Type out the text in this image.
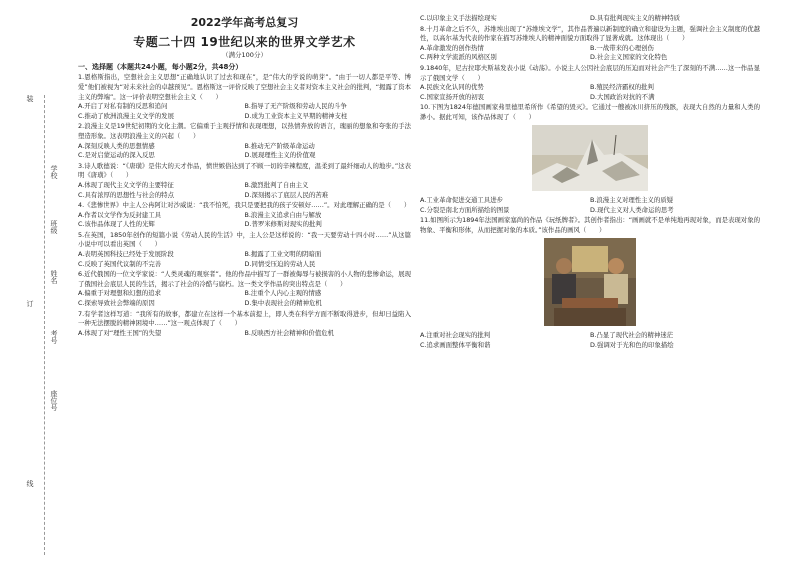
装
订
线
学校
班级
姓名
考号
座位号
2022学年高考总复习
专题二十四 19世纪以来的世界文学艺术
（满分100分）
一、选择题（本题共24小题，每小题2分，共48分）
1.恩格斯指出，空想社会主义思想“正确地认识了过去和现在”，是“伟大的学说的萌芽”。“由于一切人都是平等、博爱”他们被视为“对未来社会的卓越预见”。恩格斯这一评价反映了空想社会主义者对资本主义社会的批判，“揭露了资本主义的弊端”。这一评价表明空想社会主义（　　）
A.开启了对私有制的反思和追问	B.指导了无产阶级和劳动人民的斗争
C.推动了欧洲浪漫主义文学的发展	D.成为工业资本主义早期的精神支柱
2.浪漫主义是19世纪初期的文化主潮。它偏重于主观抒情和表现理想，以热情奔放的语言，瑰丽的想象和夸张的手法塑造形象。这表明浪漫主义的兴起（　　）
A.深刻反映人类的思想情感	B.推动无产阶级革命运动
C.是对启蒙运动的深入反思	D.展现理性主义的价值观
3.诗人歌德说：“《唐璜》是伟大的天才作品，愤世嫉俗达到了不顾一切的辛辣程度，温柔到了最纤细动人的地步。”这表明《唐璜》（　　）
A.体现了现代主义文学的主要特征	B.激烈批判了自由主义
C.具有浓厚的思想性与社会的特点	D.深刻揭示了底层人民的苦难
4.《悲惨世界》中主人公冉阿让对沙威说：“我不怕死，我只是要把我的孩子安顿好……”。对此理解正确的是（　　）
A.作者以文学作为反封建工具	B.浪漫主义追求自由与解放
C.该作品体现了人性的光辉	D.普罗米修斯对现实的批判
5.在英国，1850年创作的短篇小说《劳动人民的生活》中，主人公是这样说的：“我一天要劳动十四小时……”从这篇小说中可以看出英国（　　）
A.表明英国科技已经处于发展阶段	B.揭露了工业文明的阴暗面
C.反映了英国代议制的不完善	D.同情受压迫的劳动人民
6.近代俄国的一位文学家说：“人类灵魂的观察者”。他的作品中描写了一群被侮辱与被损害的小人物的悲惨命运，展现了俄国社会底层人民的生活，揭示了社会的冷酷与腐朽。这一类文学作品的突出特点是（　　）
A.偏重于对理想和幻想的追求	B.注重个人内心主观的情感
C.探索导致社会弊端的原因	D.集中表现社会的精神危机
7.有学者这样写道：“我所有的故事，都建立在这样一个基本前提上，即人类在科学方面不断取得进步，但却日益陷入一种无法摆脱的精神困境中……”这一观点体现了（　　）
A.体现了对“理性王国”的失望	B.反映西方社会精神和价值危机
C.以印象主义手法描绘现实	D.具有批判现实主义的精神特质
8.十月革命之后不久，苏维埃出现了“苏维埃文学”，其作品普遍以新制度的确立和建设为主题，强调社会主义制度的优越性，以高尔基为代表的作家在描写苏维埃人的精神面貌方面取得了显著成就。这体现出（　　）
A.革命激发的创作热情	B.一战带来的心理创伤
C.两种文学流派的风格区别	D.社会主义国家的文化特色
9.1840年，尼古拉耶夫斯基发表小说《动荡》。小说主人公因社会底层的压迫而对社会产生了深刻的不满……这一作品显示了俄国文学（　　）
A.民族文化认同的优势	B.殖民经济霸权的批判
C.国家宣扬开放的初衷	D.大国政治对抗的不满
10.下图为1824年德国画家弗里德里希所作《希望的毁灭》。它通过一艘被冰川挤压的残骸，表现大自然的力量和人类的渺小。据此可知，该作品体现了（　　）
A.工业革命促进交通工具进步	B.浪漫主义对理性主义的质疑
C.分裂是南北方面所描绘的图景	D.现代主义对人类命运的思考
11.如图所示为1894年法国画家塞尚的作品《玩纸牌者》。其创作者指出：“画画就不是单纯地再现对象，而是表现对象的物象、平衡和形体，从而把握对象的本质。”该作品的画风（　　）
A.注重对社会现实的批判	B.凸显了现代社会的精神迷茫
C.追求画面整体平衡和谐	D.强调对于光和色的印象描绘
